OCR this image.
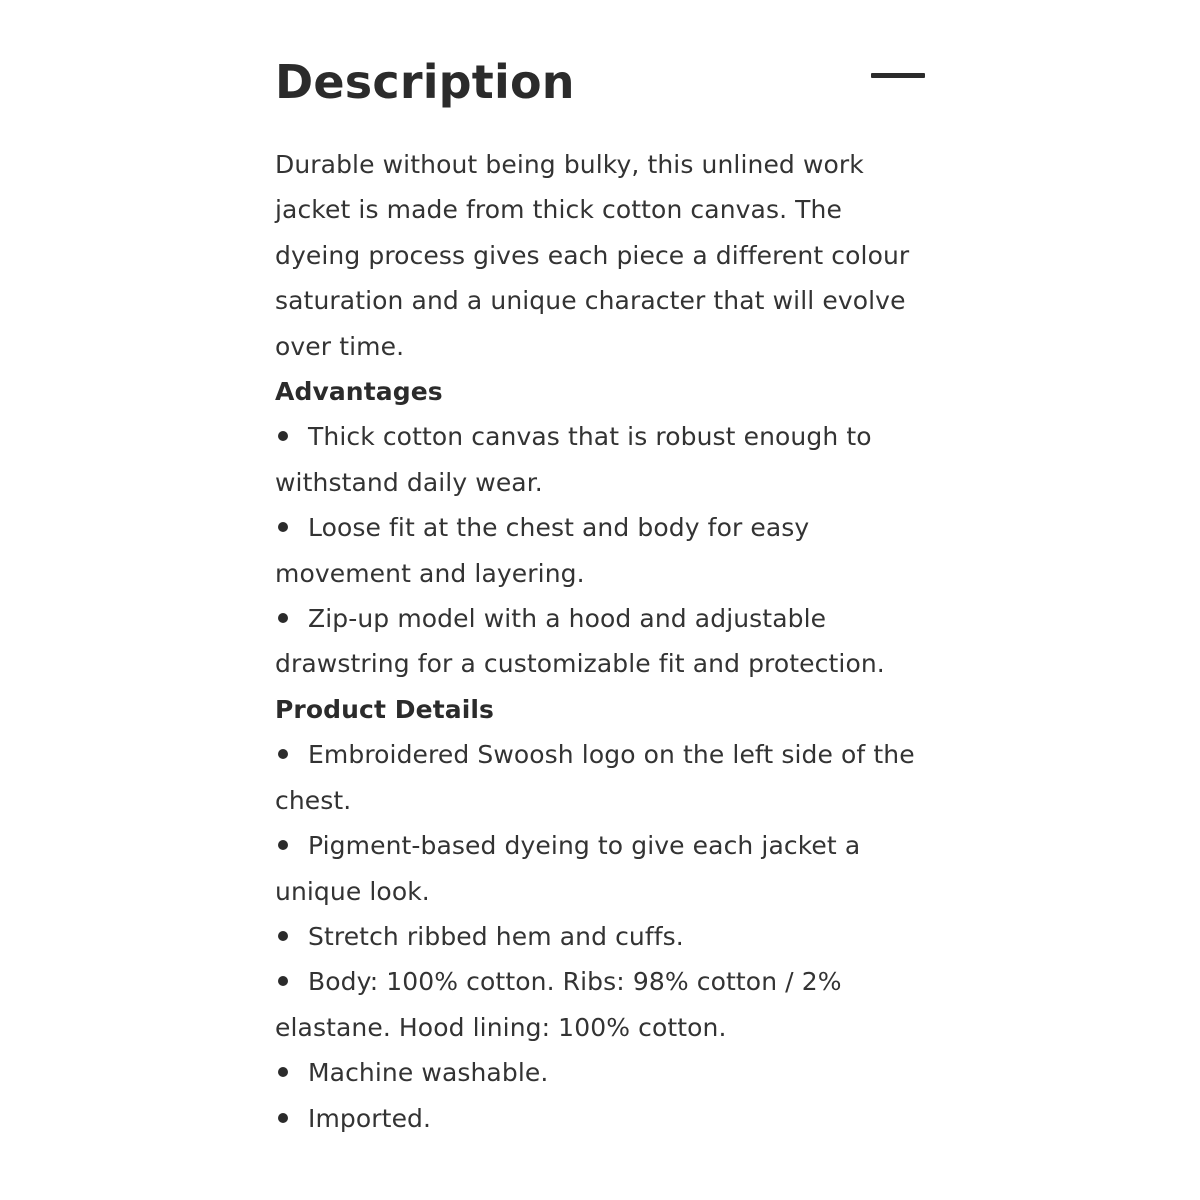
Description

Durable without being bulky, this unlined work jacket is made from thick cotton canvas. The dyeing process gives each piece a different colour saturation and a unique character that will evolve over time.

Advantages

Thick cotton canvas that is robust enough to withstand daily wear.

Loose fit at the chest and body for easy movement and layering.

Zip-up model with a hood and adjustable drawstring for a customizable fit and protection.

Product Details

Embroidered Swoosh logo on the left side of the chest.

Pigment-based dyeing to give each jacket a unique look.

Stretch ribbed hem and cuffs.

Body: 100% cotton. Ribs: 98% cotton / 2% elastane. Hood lining: 100% cotton.

Machine washable.

Imported.
